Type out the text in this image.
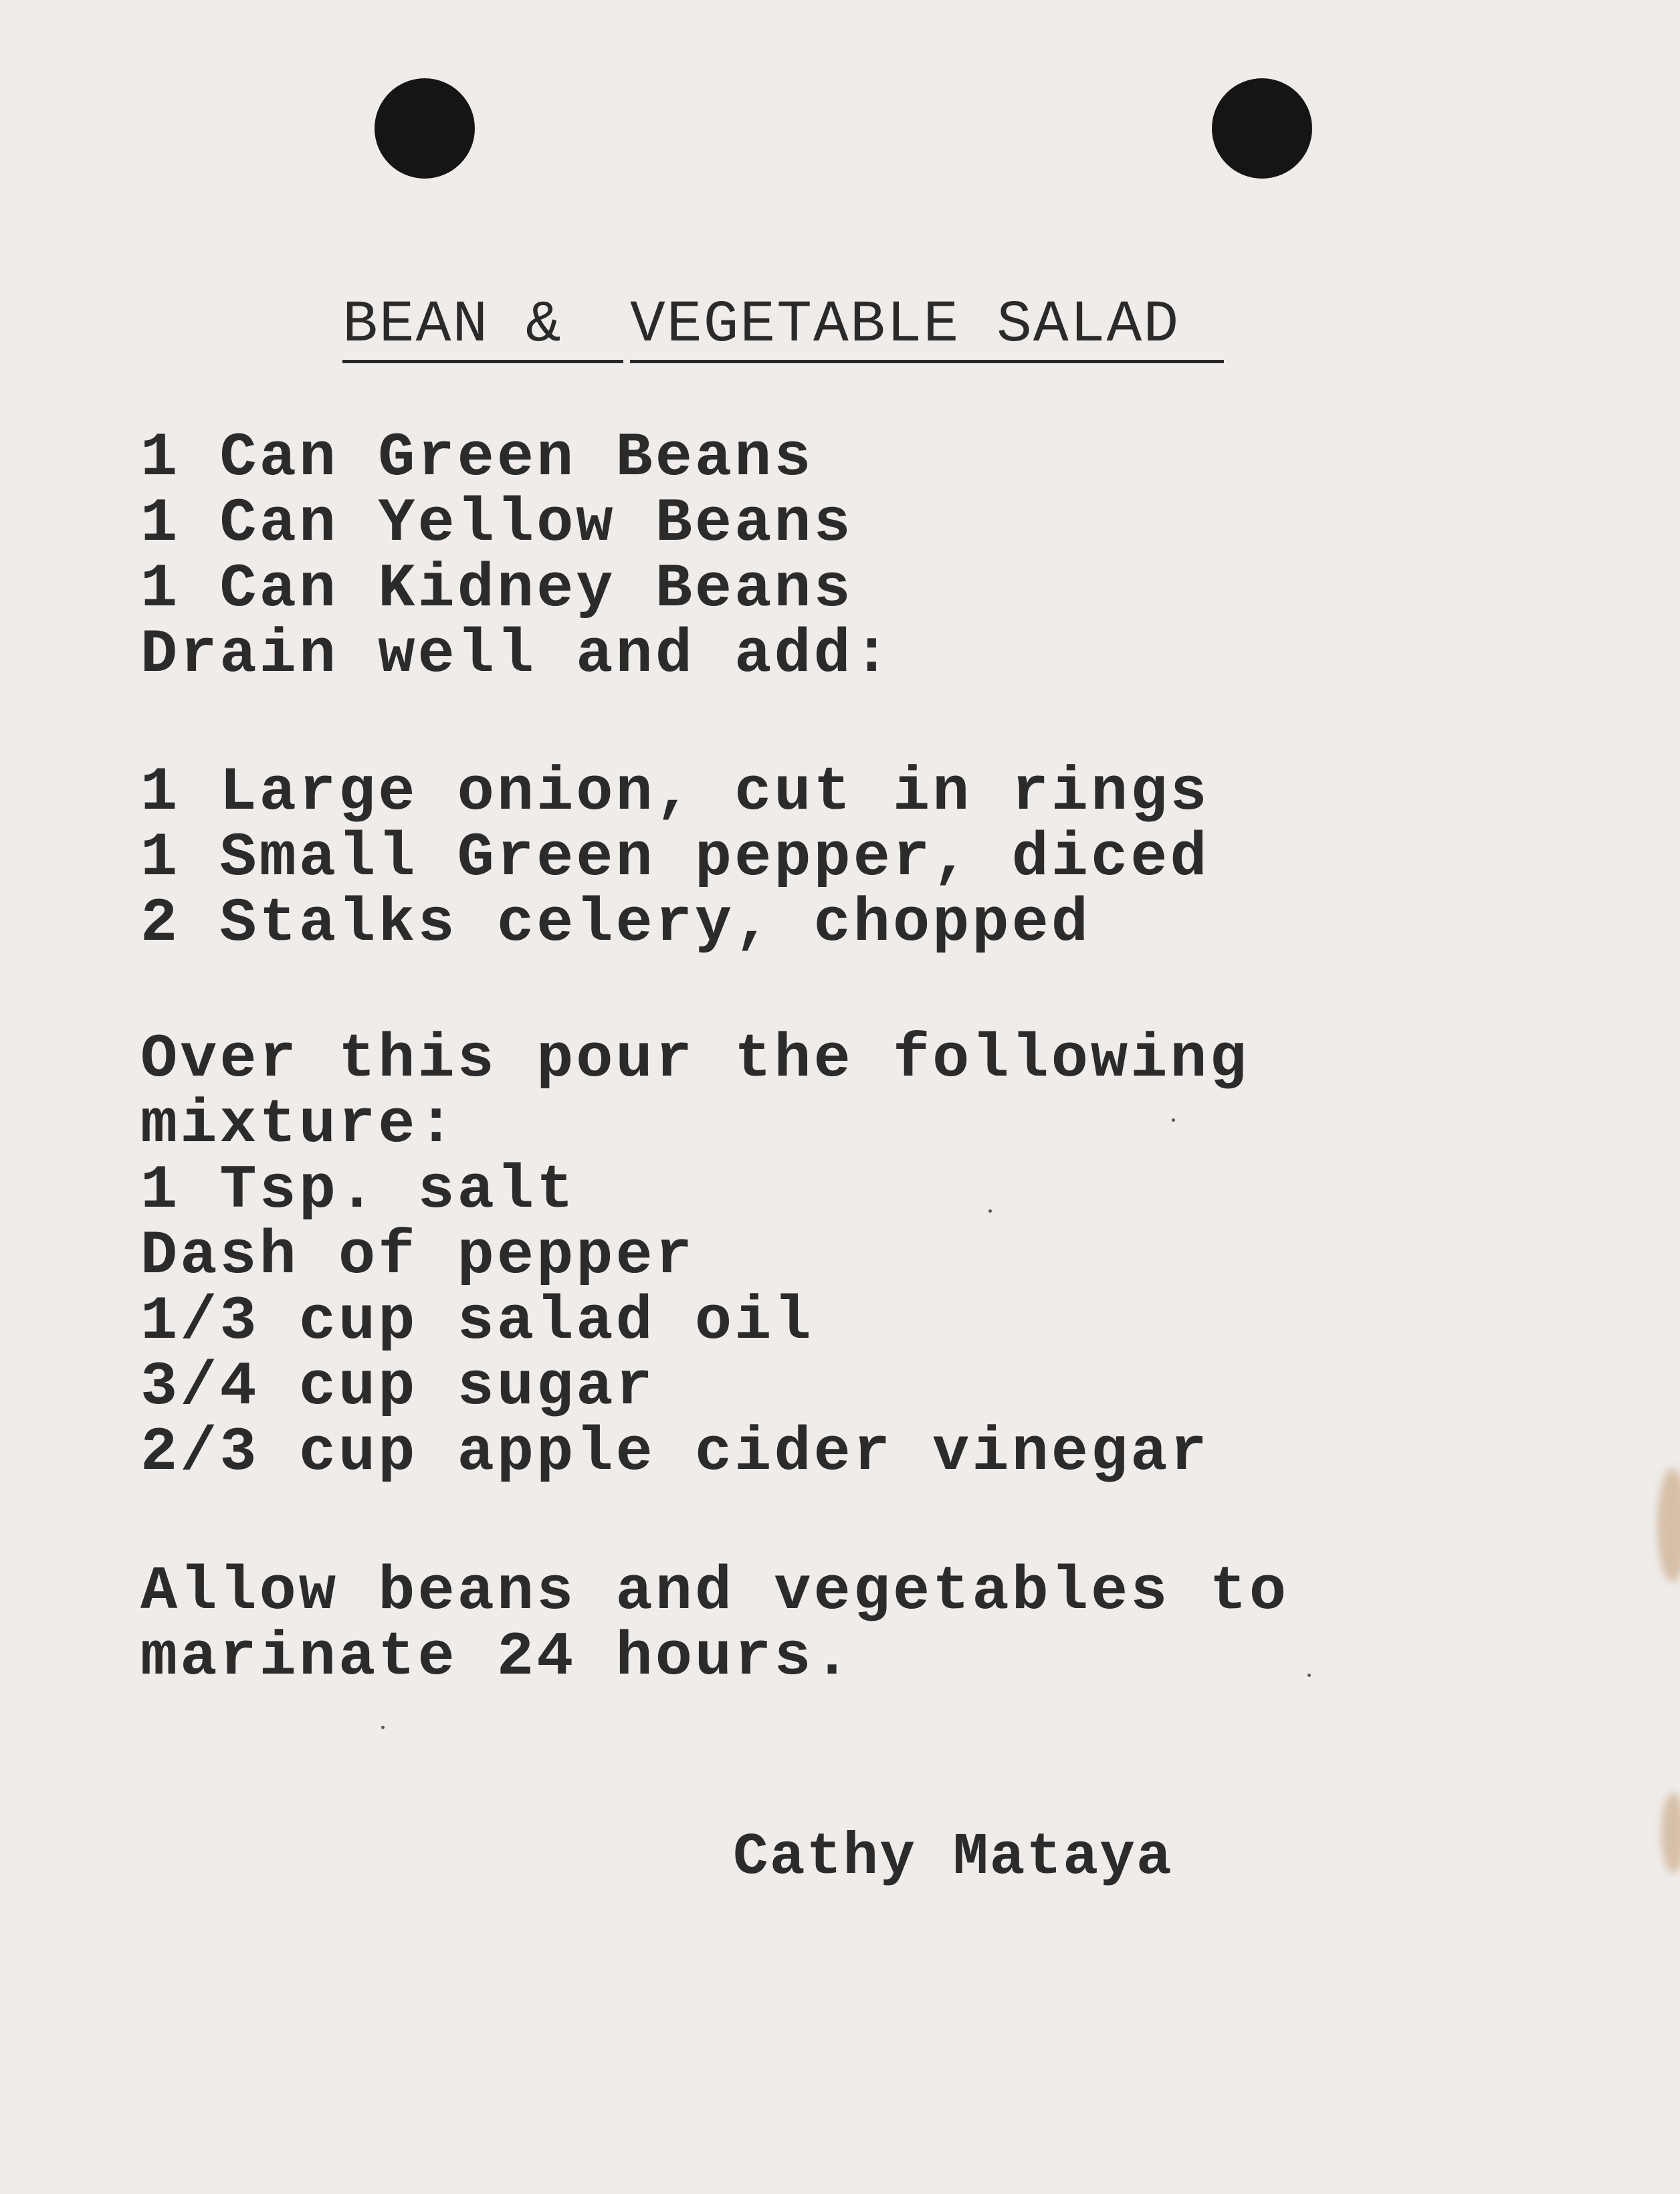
BEAN & VEGETABLE SALAD
1 Can Green Beans
1 Can Yellow Beans
1 Can Kidney Beans
Drain well and add:
1 Large onion, cut in rings
1 Small Green pepper, diced
2 Stalks celery, chopped
Over this pour the following
mixture:
1 Tsp. salt
Dash of pepper
1/3 cup salad oil
3/4 cup sugar
2/3 cup apple cider vinegar
Allow beans and vegetables to
marinate 24 hours.
Cathy Mataya
